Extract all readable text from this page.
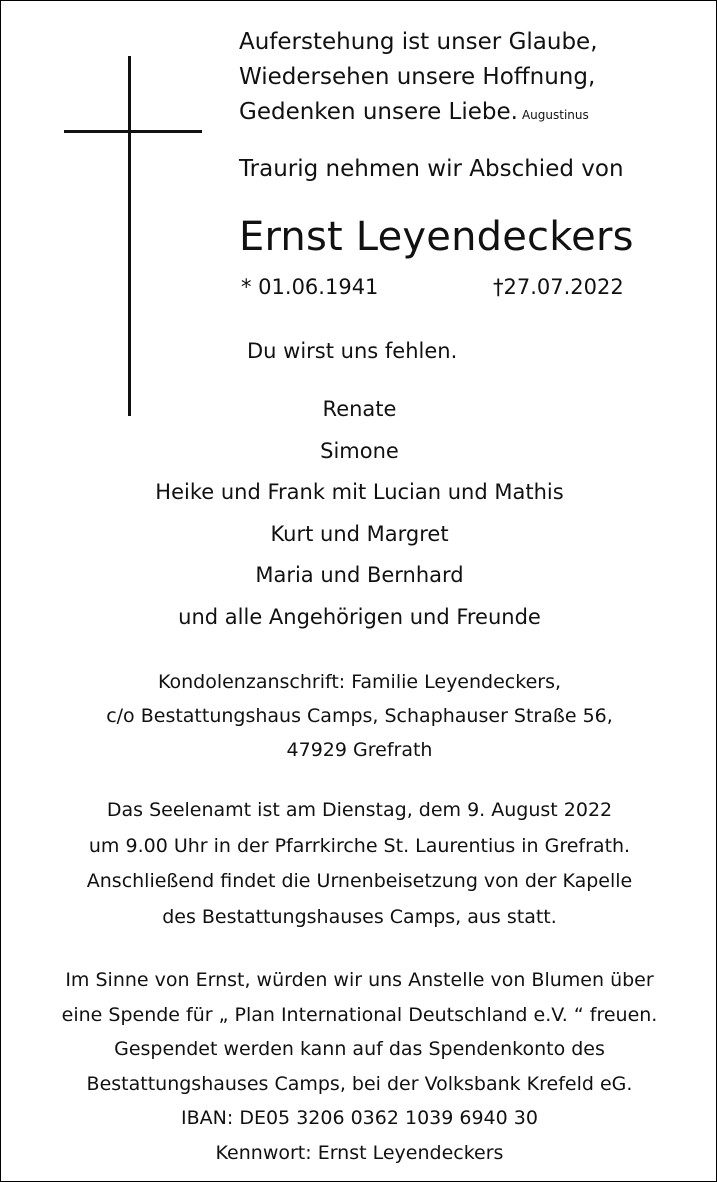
Auferstehung ist unser Glaube,
Wiedersehen unsere Hoffnung,
Gedenken unsere Liebe. Augustinus
Traurig nehmen wir Abschied von
Ernst Leyendeckers
* 01.06.1941	†27.07.2022
Du wirst uns fehlen.
Renate
Simone
Heike und Frank mit Lucian und Mathis
Kurt und Margret
Maria und Bernhard
und alle Angehörigen und Freunde
Kondolenzanschrift: Familie Leyendeckers,
c/o Bestattungshaus Camps, Schaphauser Straße 56,
47929 Grefrath
Das Seelenamt ist am Dienstag, dem 9. August 2022
um 9.00 Uhr in der Pfarrkirche St. Laurentius in Grefrath.
Anschließend findet die Urnenbeisetzung von der Kapelle
des Bestattungshauses Camps, aus statt.
Im Sinne von Ernst, würden wir uns Anstelle von Blumen über
eine Spende für „ Plan International Deutschland e.V. “ freuen.
Gespendet werden kann auf das Spendenkonto des
Bestattungshauses Camps, bei der Volksbank Krefeld eG.
IBAN: DE05 3206 0362 1039 6940 30
Kennwort: Ernst Leyendeckers
